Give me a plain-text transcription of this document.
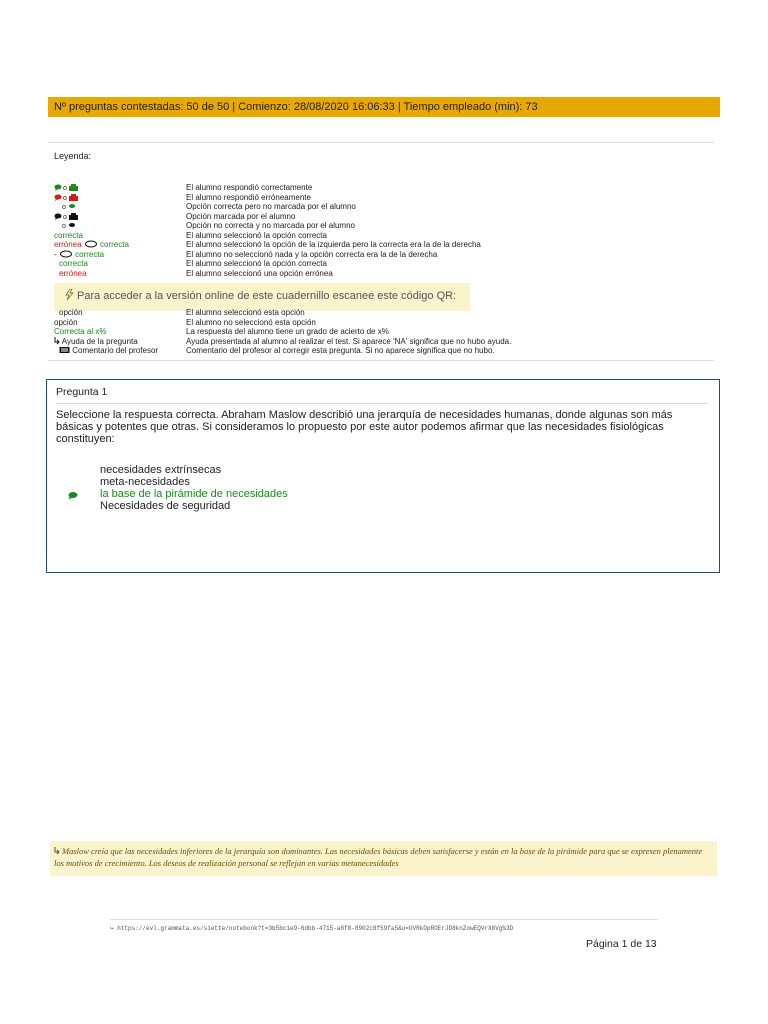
Nº preguntas contestadas: 50 de 50 | Comienzo: 28/08/2020 16:06:33 | Tiempo empleado (min): 73
Leyenda:
o	El alumno respondió correctamente
o	El alumno respondió erróneamente
o	Opción correcta pero no marcada por el alumno
o	Opción marcada por el alumno
o	Opción no correcta y no marcada por el alumno
correcta	El alumno seleccionó la opción correcta
errónea correcta	El alumno seleccionó la opción de la izquierda pero la correcta era la de la derecha
- correcta	El alumno no seleccionó nada y la opción correcta era la de la derecha
correcta	El alumno seleccionó la opción correcta
errónea	El alumno seleccionó una opción errónea
Para acceder a la versión online de este cuadernillo escanee este código QR:
opción	El alumno seleccionó esta opción
opción	El alumno no seleccionó esta opción
Correcta al x%	La respuesta del alumno tiene un grado de acierto de x%
Ayuda de la pregunta	Ayuda presentada al alumno al realizar el test. Si aparece 'NA' significa que no hubo ayuda.
Comentario del profesor	Comentario del profesor al corregir esta pregunta. Si no aparece significa que no hubo.
Pregunta 1
Seleccione la respuesta correcta. Abraham Maslow describió una jerarquía de necesidades humanas, donde algunas son más básicas y potentes que otras. Si consideramos lo propuesto por este autor podemos afirmar que las necesidades fisiológicas constituyen:
necesidades extrínsecas
meta-necesidades
la base de la pirámide de necesidades
Necesidades de seguridad
Maslow creía que las necesidades inferiores de la jerarquía son dominantes. Las necesidades básicas deben satisfacerse y están en la base de la pirámide para que se expresen plenamente los motivos de crecimiento. Los deseos de realización personal se reflejan en varias metanecesidades
↪ https://evl.grammata.es/siette/notebook?t=3b5bc1e9-6dbb-4715-a8f8-8902c8f59fa5&u=UVRkDpROErJD8knZowEQVrX8Vg%3D
Página 1 de 13
